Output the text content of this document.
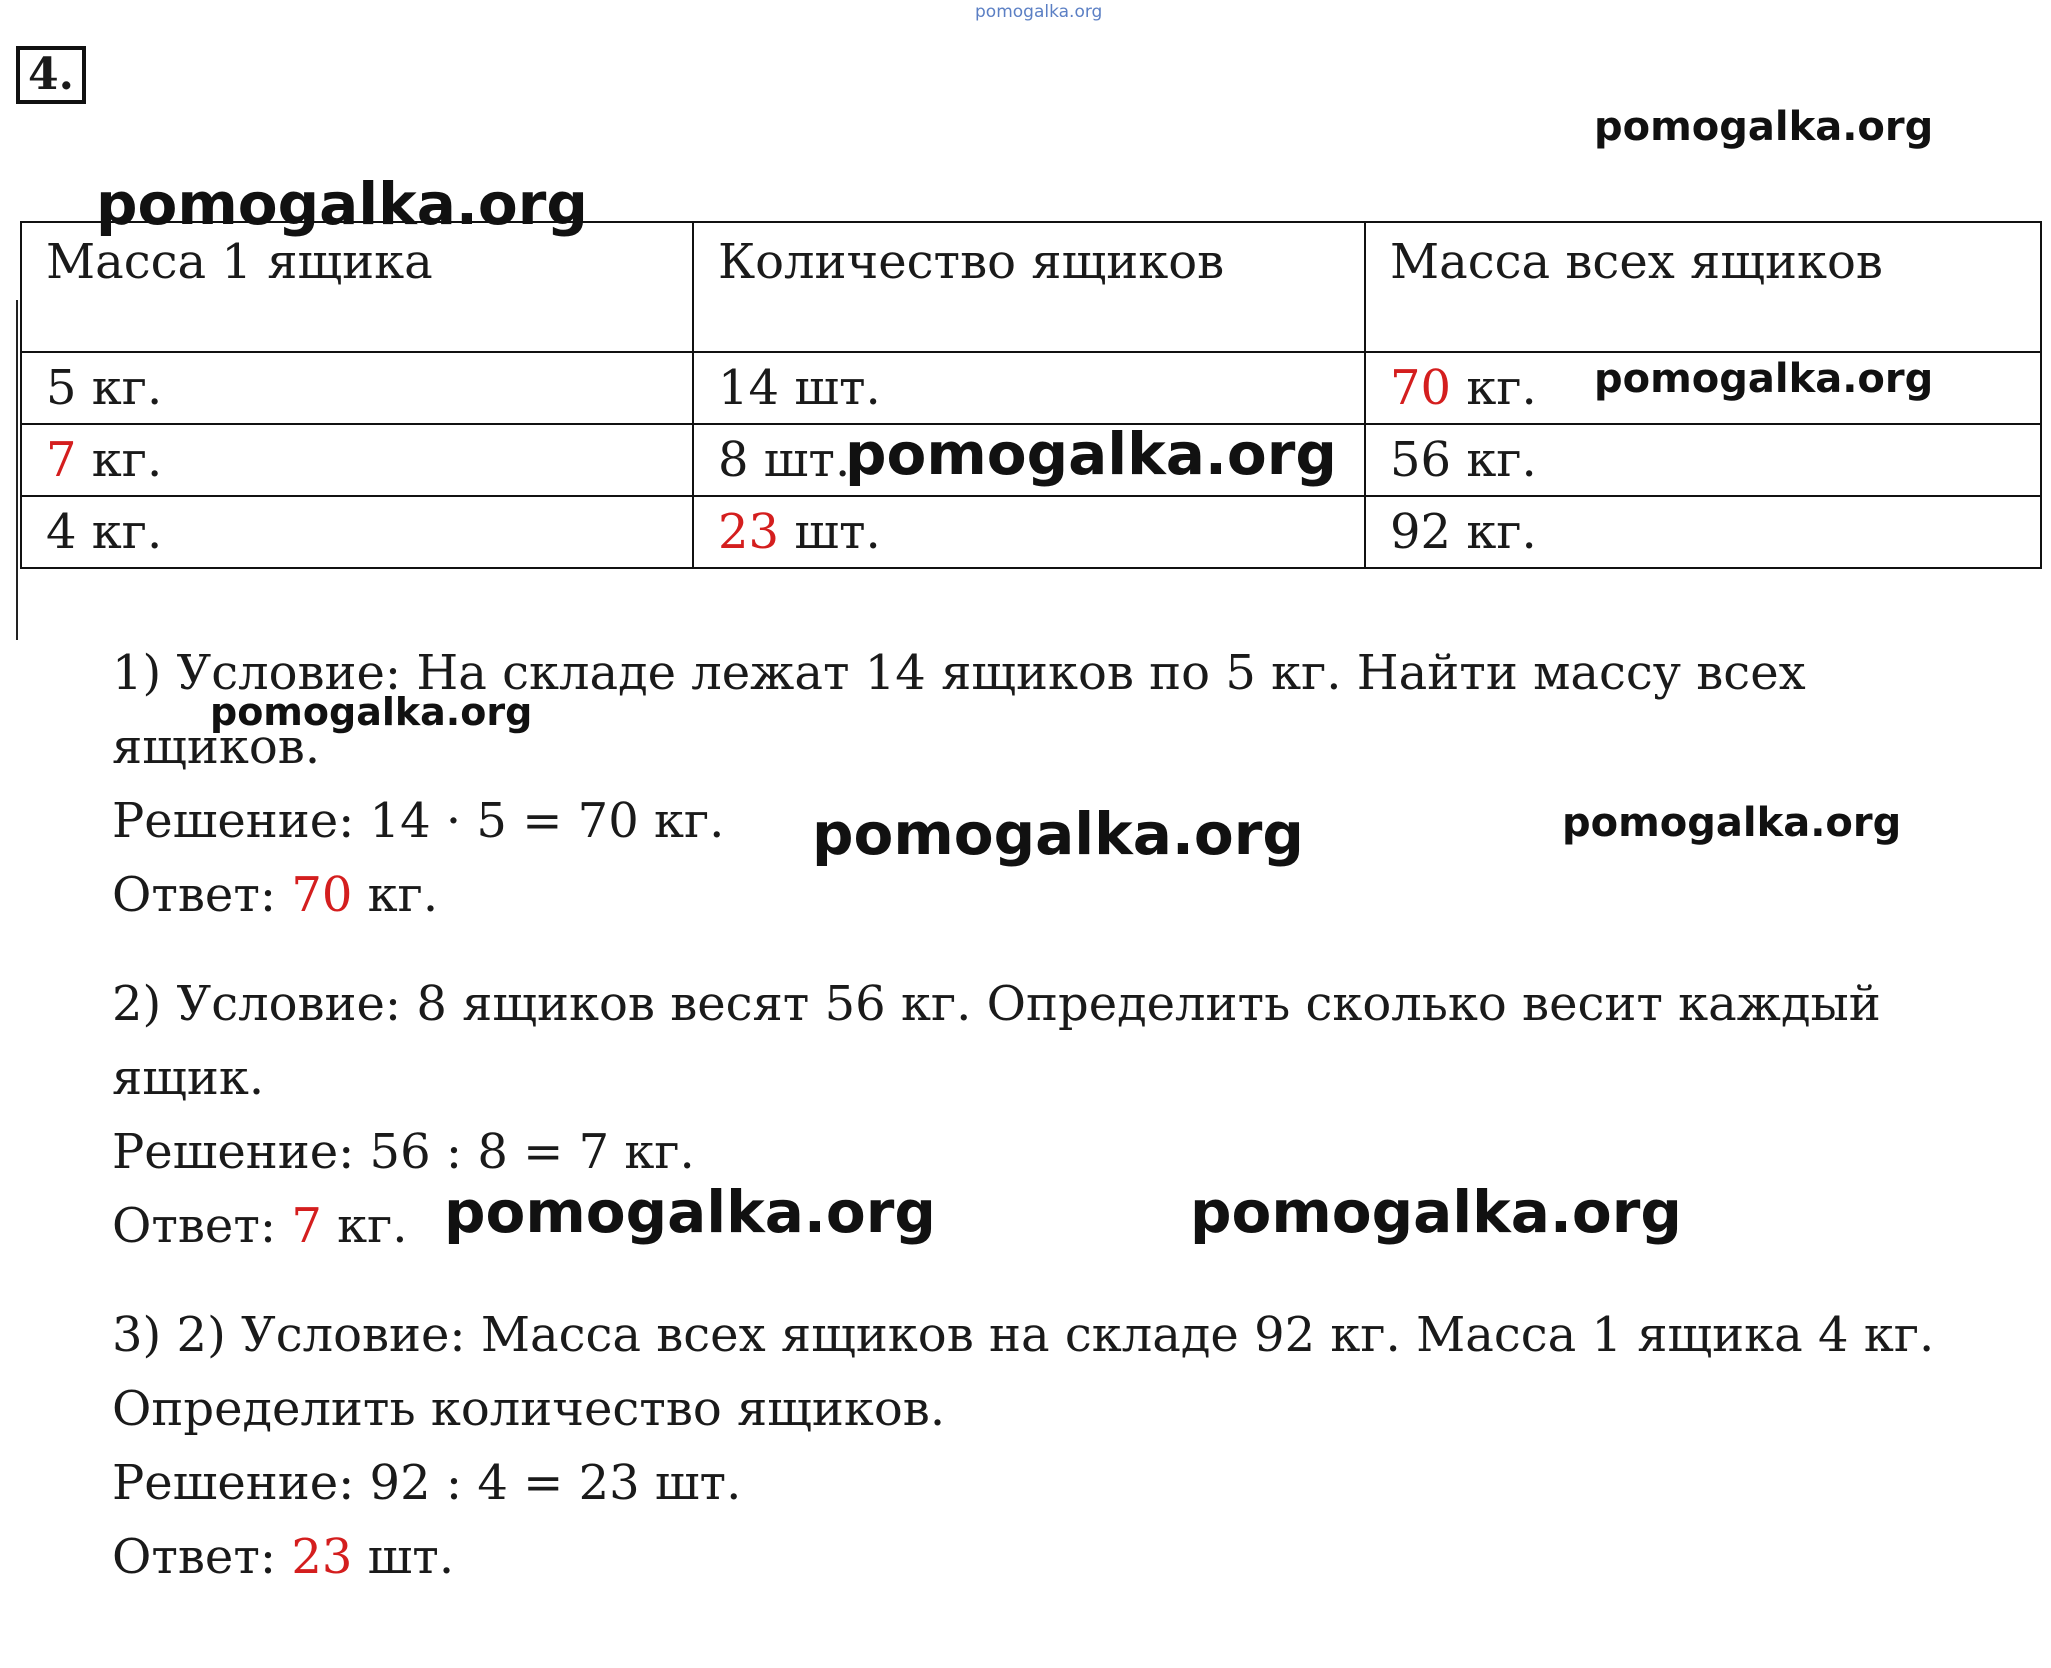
pomogalka.org
4.
Масса 1 ящика	Количество ящиков	Масса всех ящиков
5 кг.	14 шт.	70 кг.
7 кг.	8 шт.	56 кг.
4 кг.	23 шт.	92 кг.
1) Условие: На складе лежат 14 ящиков по 5 кг. Найти массу всех
ящиков.
Решение: 14 · 5 = 70 кг.
Ответ: 70 кг.
2) Условие: 8 ящиков весят 56 кг. Определить сколько весит каждый
ящик.
Решение: 56 : 8 = 7 кг.
Ответ: 7 кг.
3) 2) Условие: Масса всех ящиков на складе 92 кг. Масса 1 ящика 4 кг.
Определить количество ящиков.
Решение: 92 : 4 = 23 шт.
Ответ: 23 шт.
pomogalka.org
pomogalka.org
pomogalka.org
pomogalka.org
pomogalka.org
pomogalka.org	pomogalka.org
pomogalka.org	pomogalka.org
